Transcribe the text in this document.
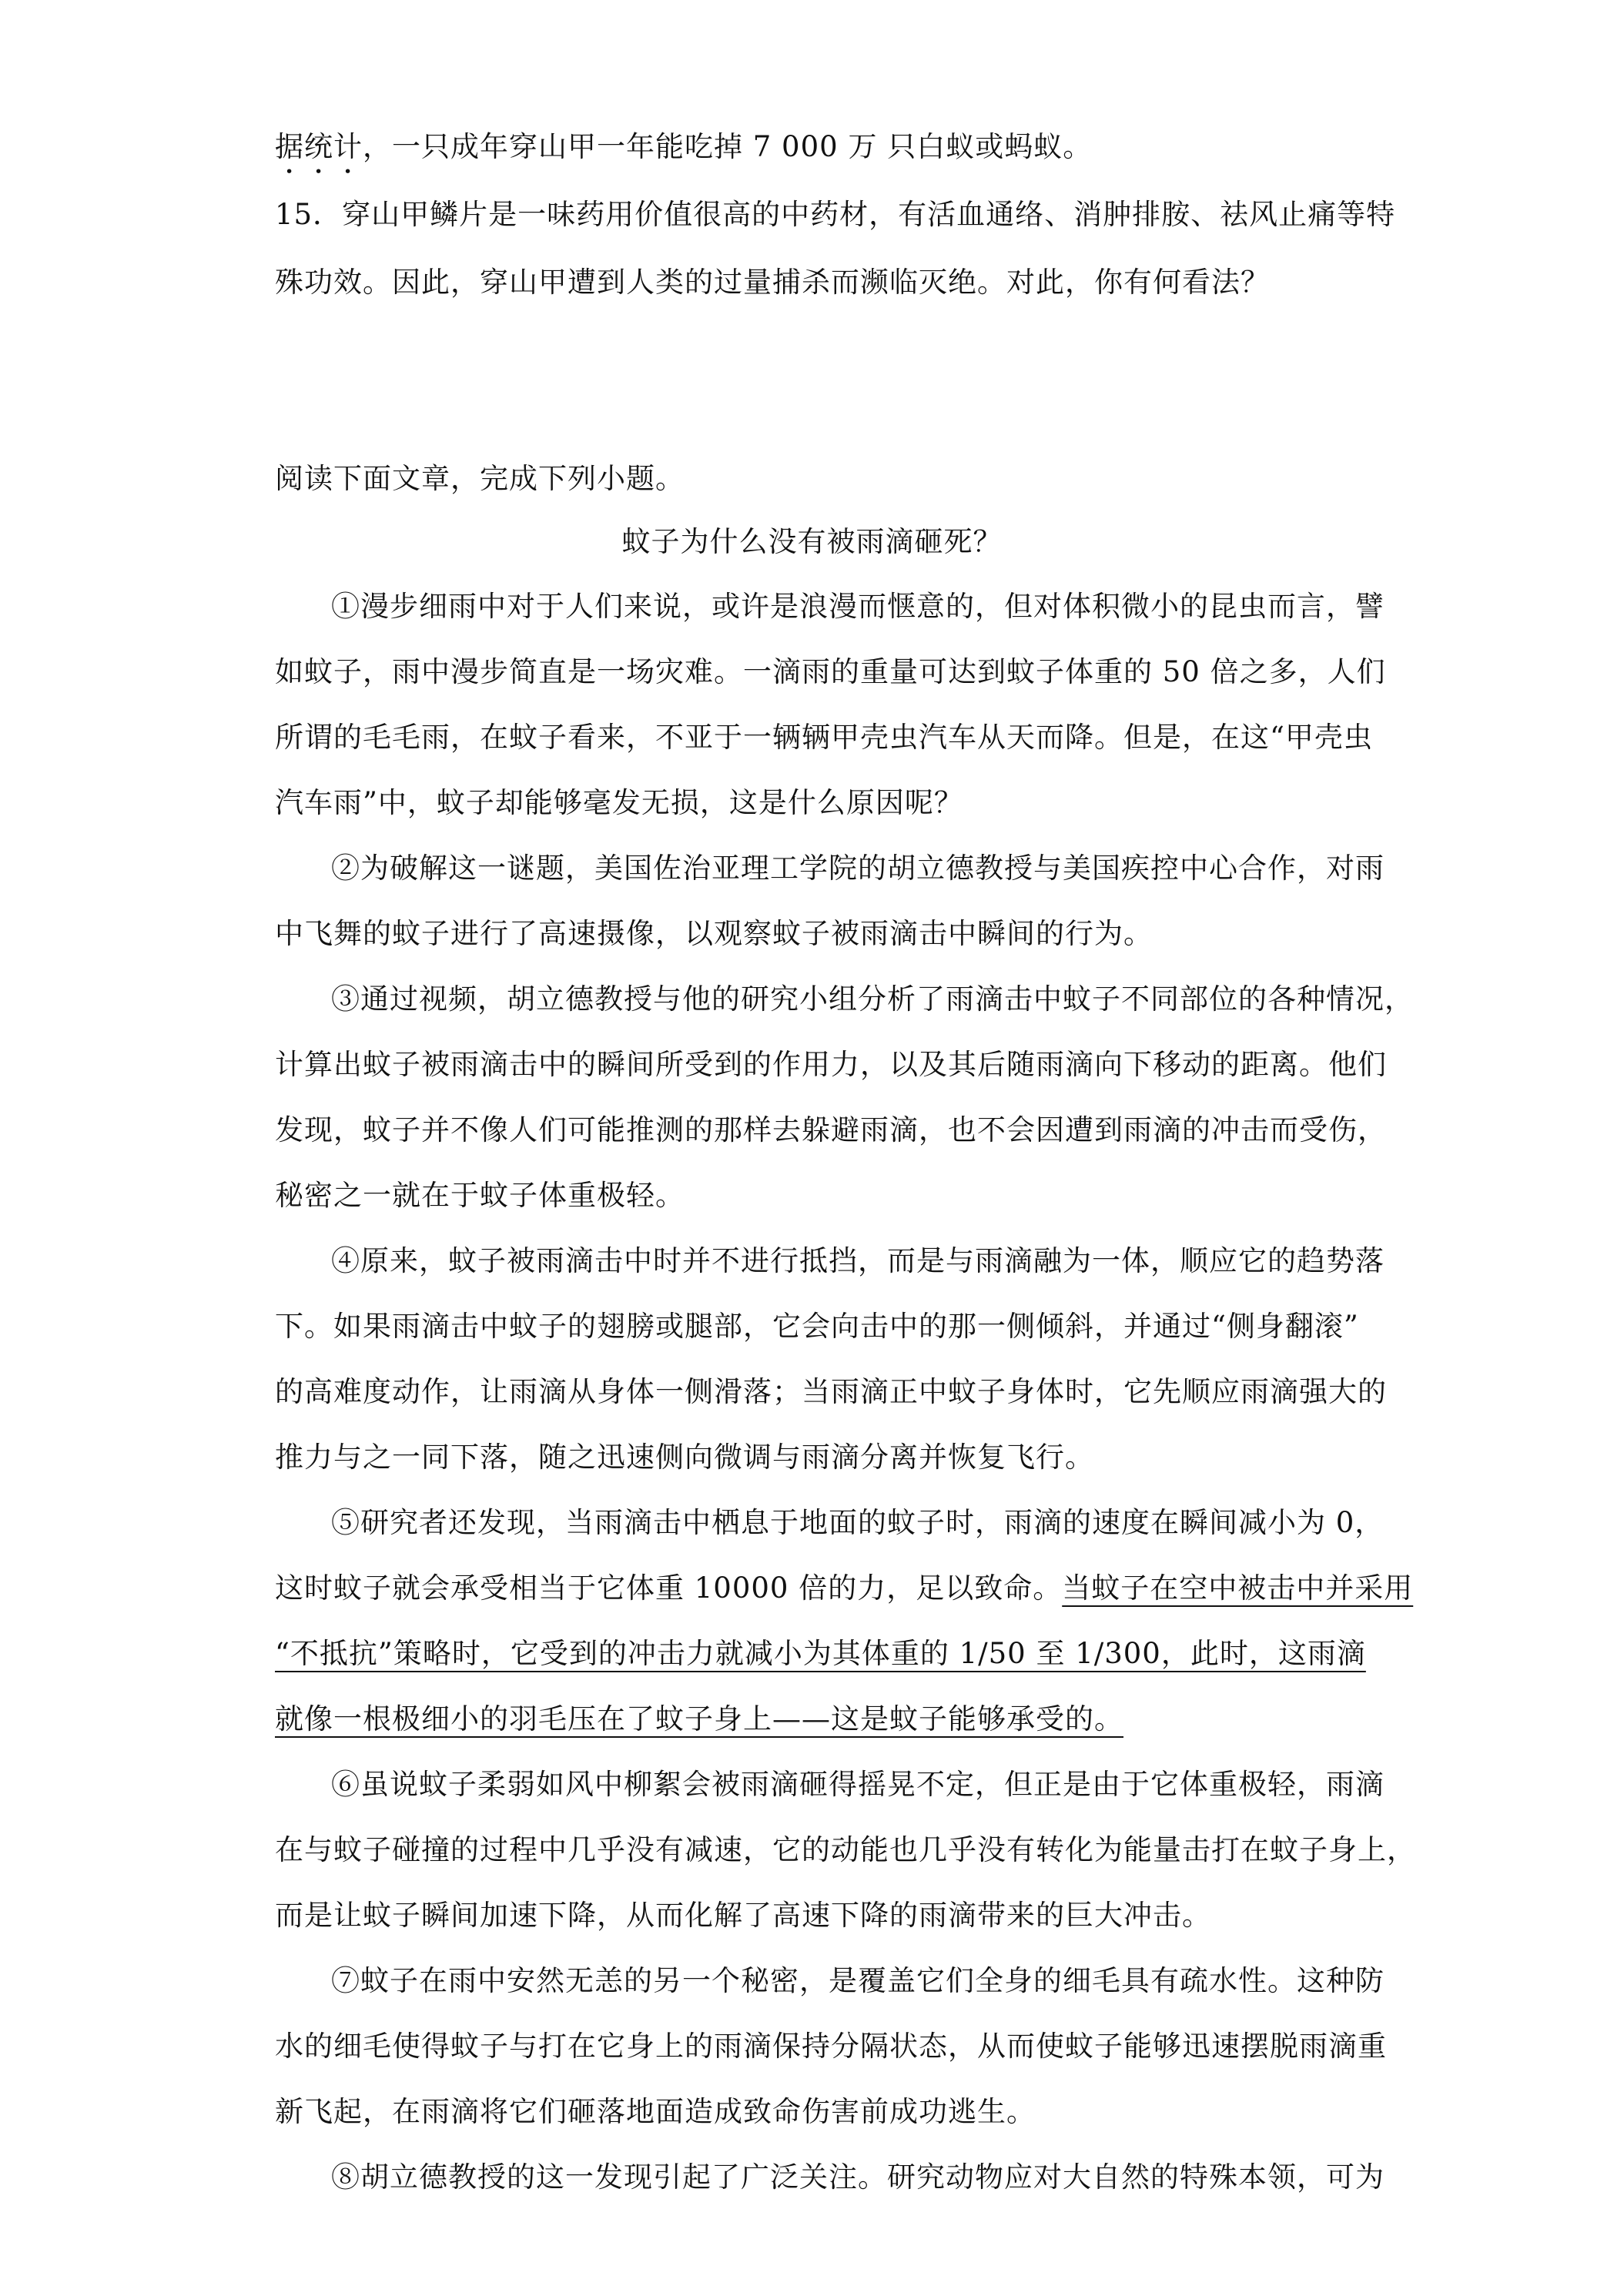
据统计，一只成年穿山甲一年能吃掉 7 000 万 只白蚁或蚂蚁。
15．穿山甲鳞片是一味药用价值很高的中药材，有活血通络、消肿排胺、祛风止痛等特
殊功效。因此，穿山甲遭到人类的过量捕杀而濒临灭绝。对此，你有何看法？
阅读下面文章，完成下列小题。
蚊子为什么没有被雨滴砸死？
①漫步细雨中对于人们来说，或许是浪漫而惬意的，但对体积微小的昆虫而言，譬
如蚊子，雨中漫步简直是一场灾难。一滴雨的重量可达到蚊子体重的 50 倍之多，人们
所谓的毛毛雨，在蚊子看来，不亚于一辆辆甲壳虫汽车从天而降。但是，在这“甲壳虫
汽车雨”中，蚊子却能够毫发无损，这是什么原因呢？
②为破解这一谜题，美国佐治亚理工学院的胡立德教授与美国疾控中心合作，对雨
中飞舞的蚊子进行了高速摄像，以观察蚊子被雨滴击中瞬间的行为。
③通过视频，胡立德教授与他的研究小组分析了雨滴击中蚊子不同部位的各种情况，
计算出蚊子被雨滴击中的瞬间所受到的作用力，以及其后随雨滴向下移动的距离。他们
发现，蚊子并不像人们可能推测的那样去躲避雨滴，也不会因遭到雨滴的冲击而受伤，
秘密之一就在于蚊子体重极轻。
④原来，蚊子被雨滴击中时并不进行抵挡，而是与雨滴融为一体，顺应它的趋势落
下。如果雨滴击中蚊子的翅膀或腿部，它会向击中的那一侧倾斜，并通过“侧身翻滚”
的高难度动作，让雨滴从身体一侧滑落；当雨滴正中蚊子身体时，它先顺应雨滴强大的
推力与之一同下落，随之迅速侧向微调与雨滴分离并恢复飞行。
⑤研究者还发现，当雨滴击中栖息于地面的蚊子时，雨滴的速度在瞬间减小为 0，
这时蚊子就会承受相当于它体重 10000 倍的力，足以致命。当蚊子在空中被击中并采用
“不抵抗”策略时，它受到的冲击力就减小为其体重的 1/50 至 1/300，此时，这雨滴
就像一根极细小的羽毛压在了蚊子身上——这是蚊子能够承受的。
⑥虽说蚊子柔弱如风中柳絮会被雨滴砸得摇晃不定，但正是由于它体重极轻，雨滴
在与蚊子碰撞的过程中几乎没有减速，它的动能也几乎没有转化为能量击打在蚊子身上，
而是让蚊子瞬间加速下降，从而化解了高速下降的雨滴带来的巨大冲击。
⑦蚊子在雨中安然无恙的另一个秘密，是覆盖它们全身的细毛具有疏水性。这种防
水的细毛使得蚊子与打在它身上的雨滴保持分隔状态，从而使蚊子能够迅速摆脱雨滴重
新飞起，在雨滴将它们砸落地面造成致命伤害前成功逃生。
⑧胡立德教授的这一发现引起了广泛关注。研究动物应对大自然的特殊本领，可为
